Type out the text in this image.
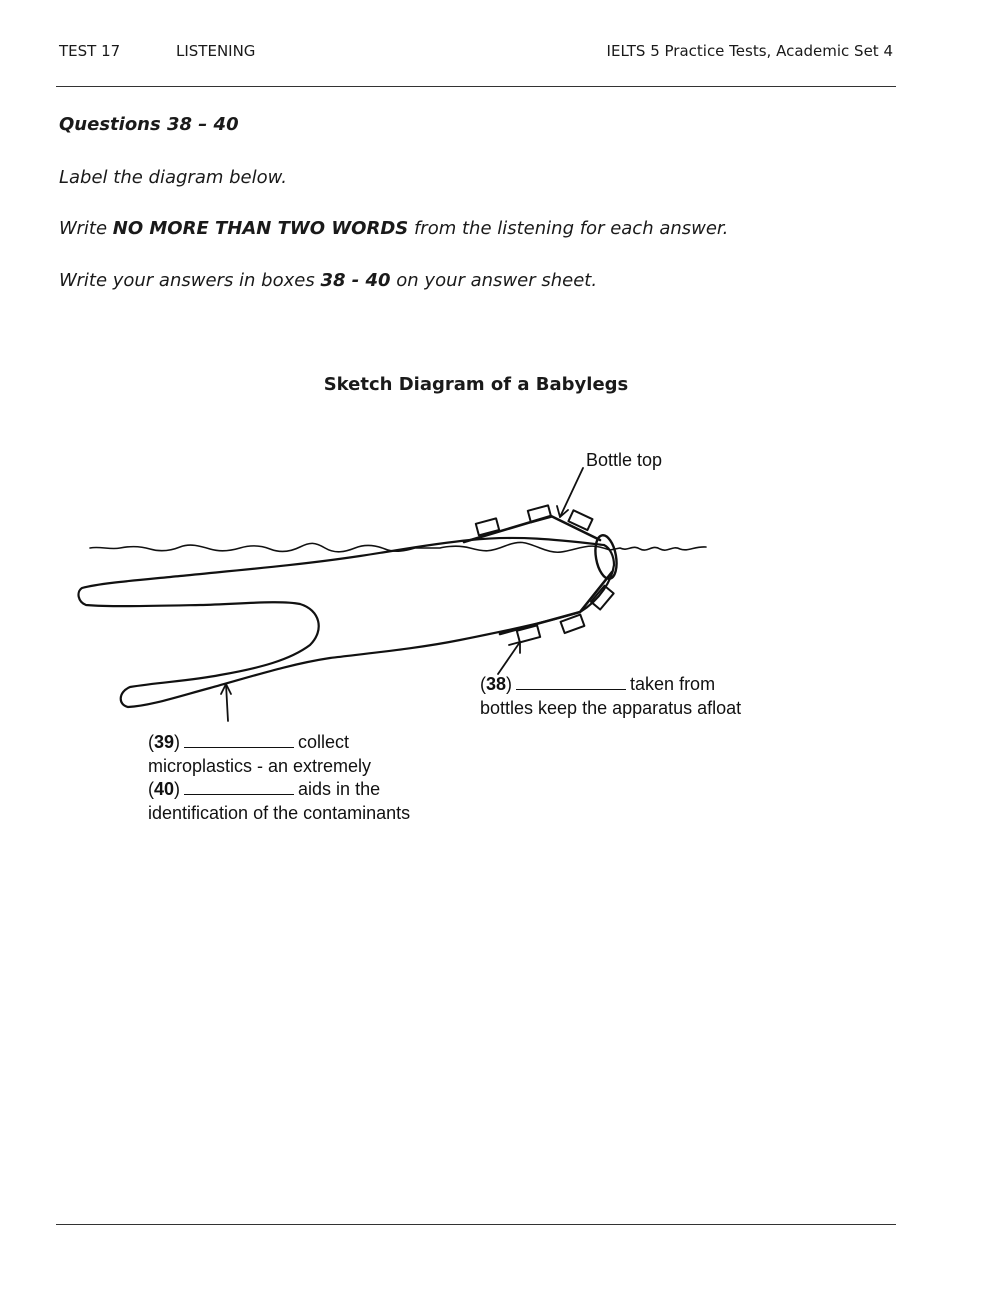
TEST 17	LISTENING	IELTS 5 Practice Tests, Academic Set 4
Questions 38 – 40
Label the diagram below.
Write NO MORE THAN TWO WORDS from the listening for each answer.
Write your answers in boxes 38 - 40 on your answer sheet.
Sketch Diagram of a Babylegs
Bottle top
(38)	taken from
bottles keep the apparatus afloat
(39)	collect
microplastics - an extremely
(40)	aids in the
identification of the contaminants
